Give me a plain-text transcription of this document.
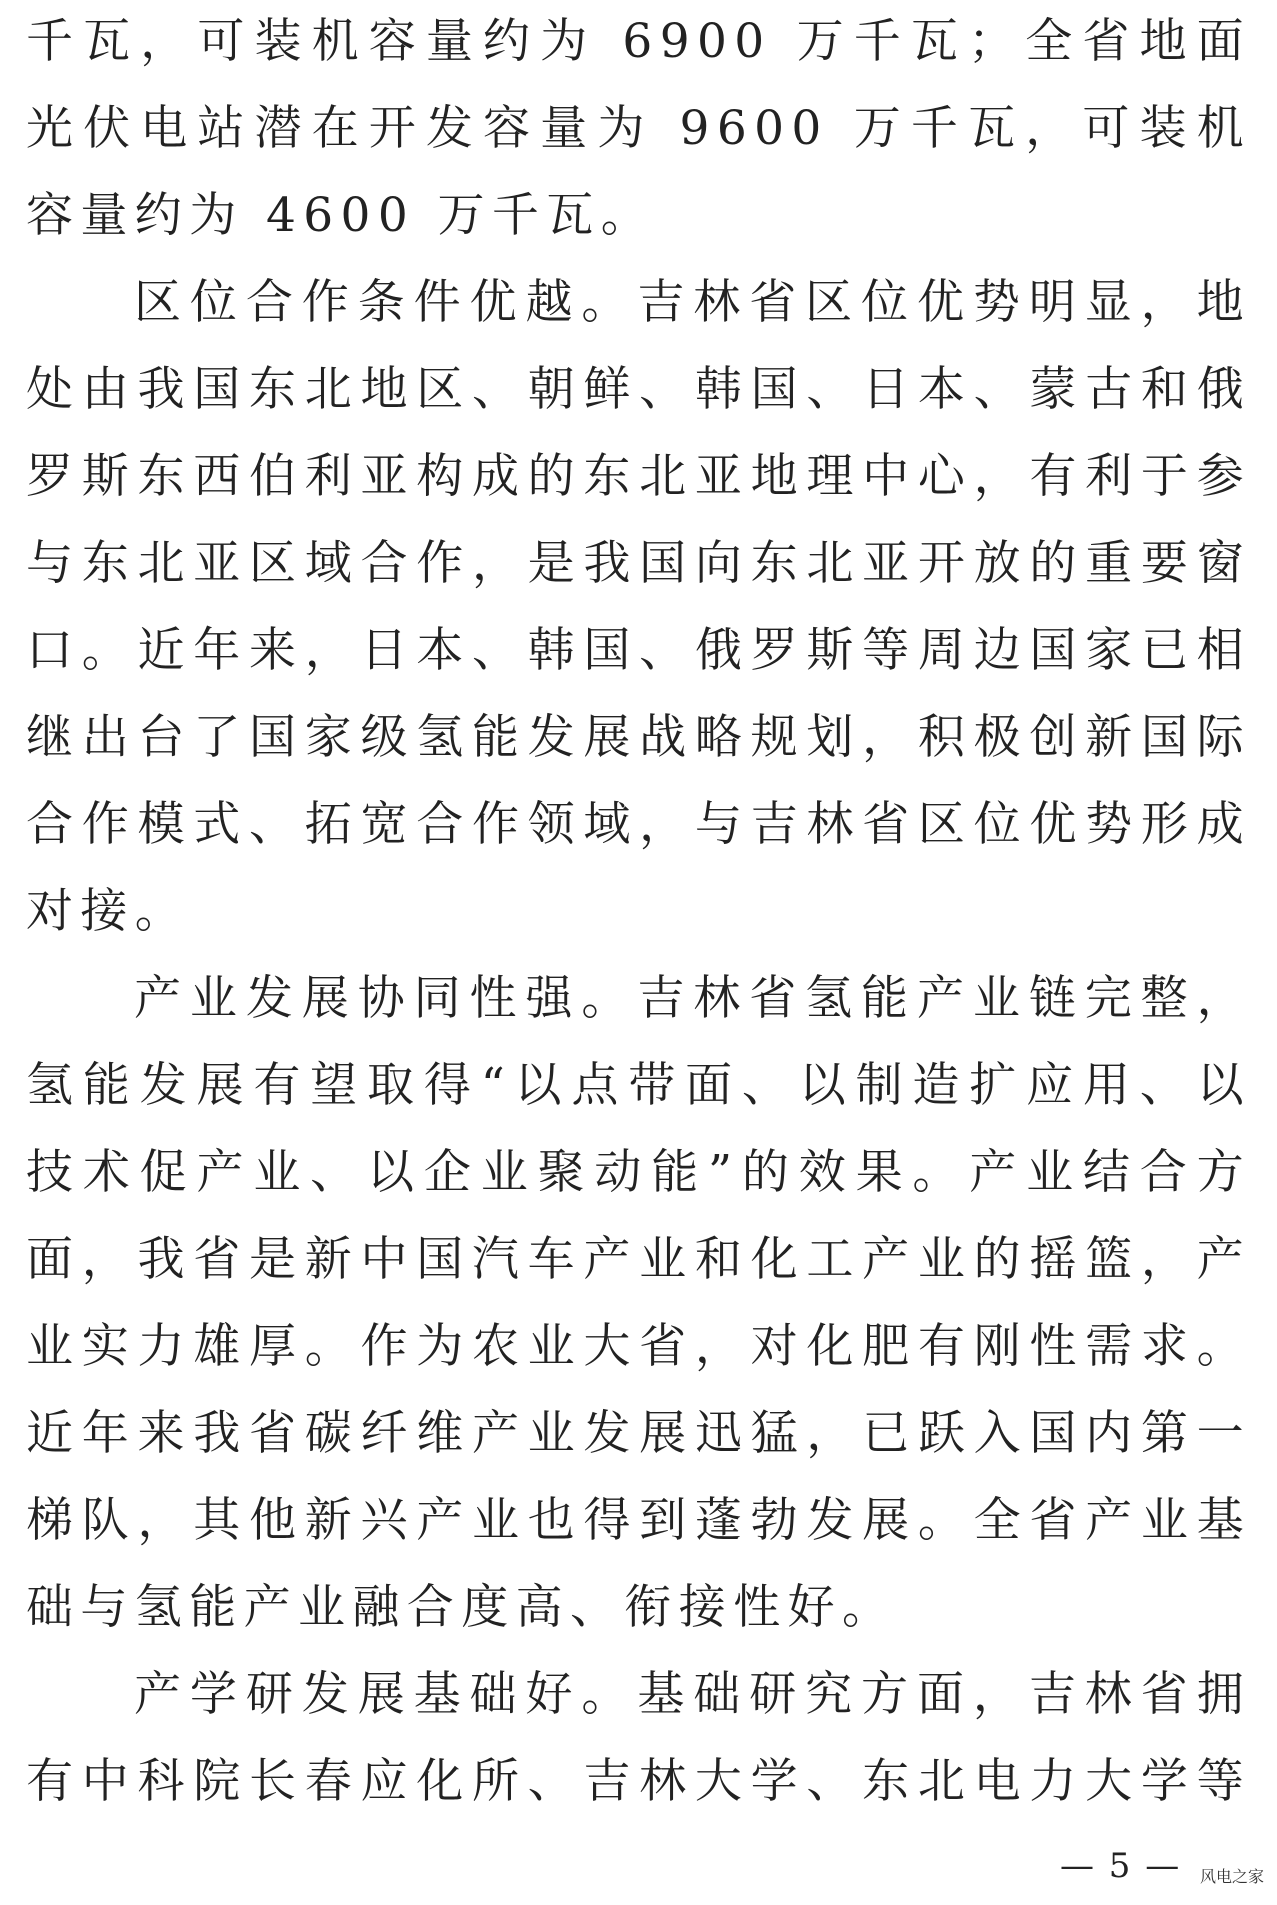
千瓦，可装机容量约为 6900 万千瓦；全省地面光伏电站潜在开发容量为 9600 万千瓦，可装机容量约为 4600 万千瓦。

区位合作条件优越。吉林省区位优势明显，地处由我国东北地区、朝鲜、韩国、日本、蒙古和俄罗斯东西伯利亚构成的东北亚地理中心，有利于参与东北亚区域合作，是我国向东北亚开放的重要窗口。近年来，日本、韩国、俄罗斯等周边国家已相继出台了国家级氢能发展战略规划，积极创新国际合作模式、拓宽合作领域，与吉林省区位优势形成对接。

产业发展协同性强。吉林省氢能产业链完整，氢能发展有望取得“以点带面、以制造扩应用、以技术促产业、以企业聚动能”的效果。产业结合方面，我省是新中国汽车产业和化工产业的摇篮，产业实力雄厚。作为农业大省，对化肥有刚性需求。近年来我省碳纤维产业发展迅猛，已跃入国内第一梯队，其他新兴产业也得到蓬勃发展。全省产业基础与氢能产业融合度高、衔接性好。

产学研发展基础好。基础研究方面，吉林省拥有中科院长春应化所、吉林大学、东北电力大学等

— 5 — 风电之家
